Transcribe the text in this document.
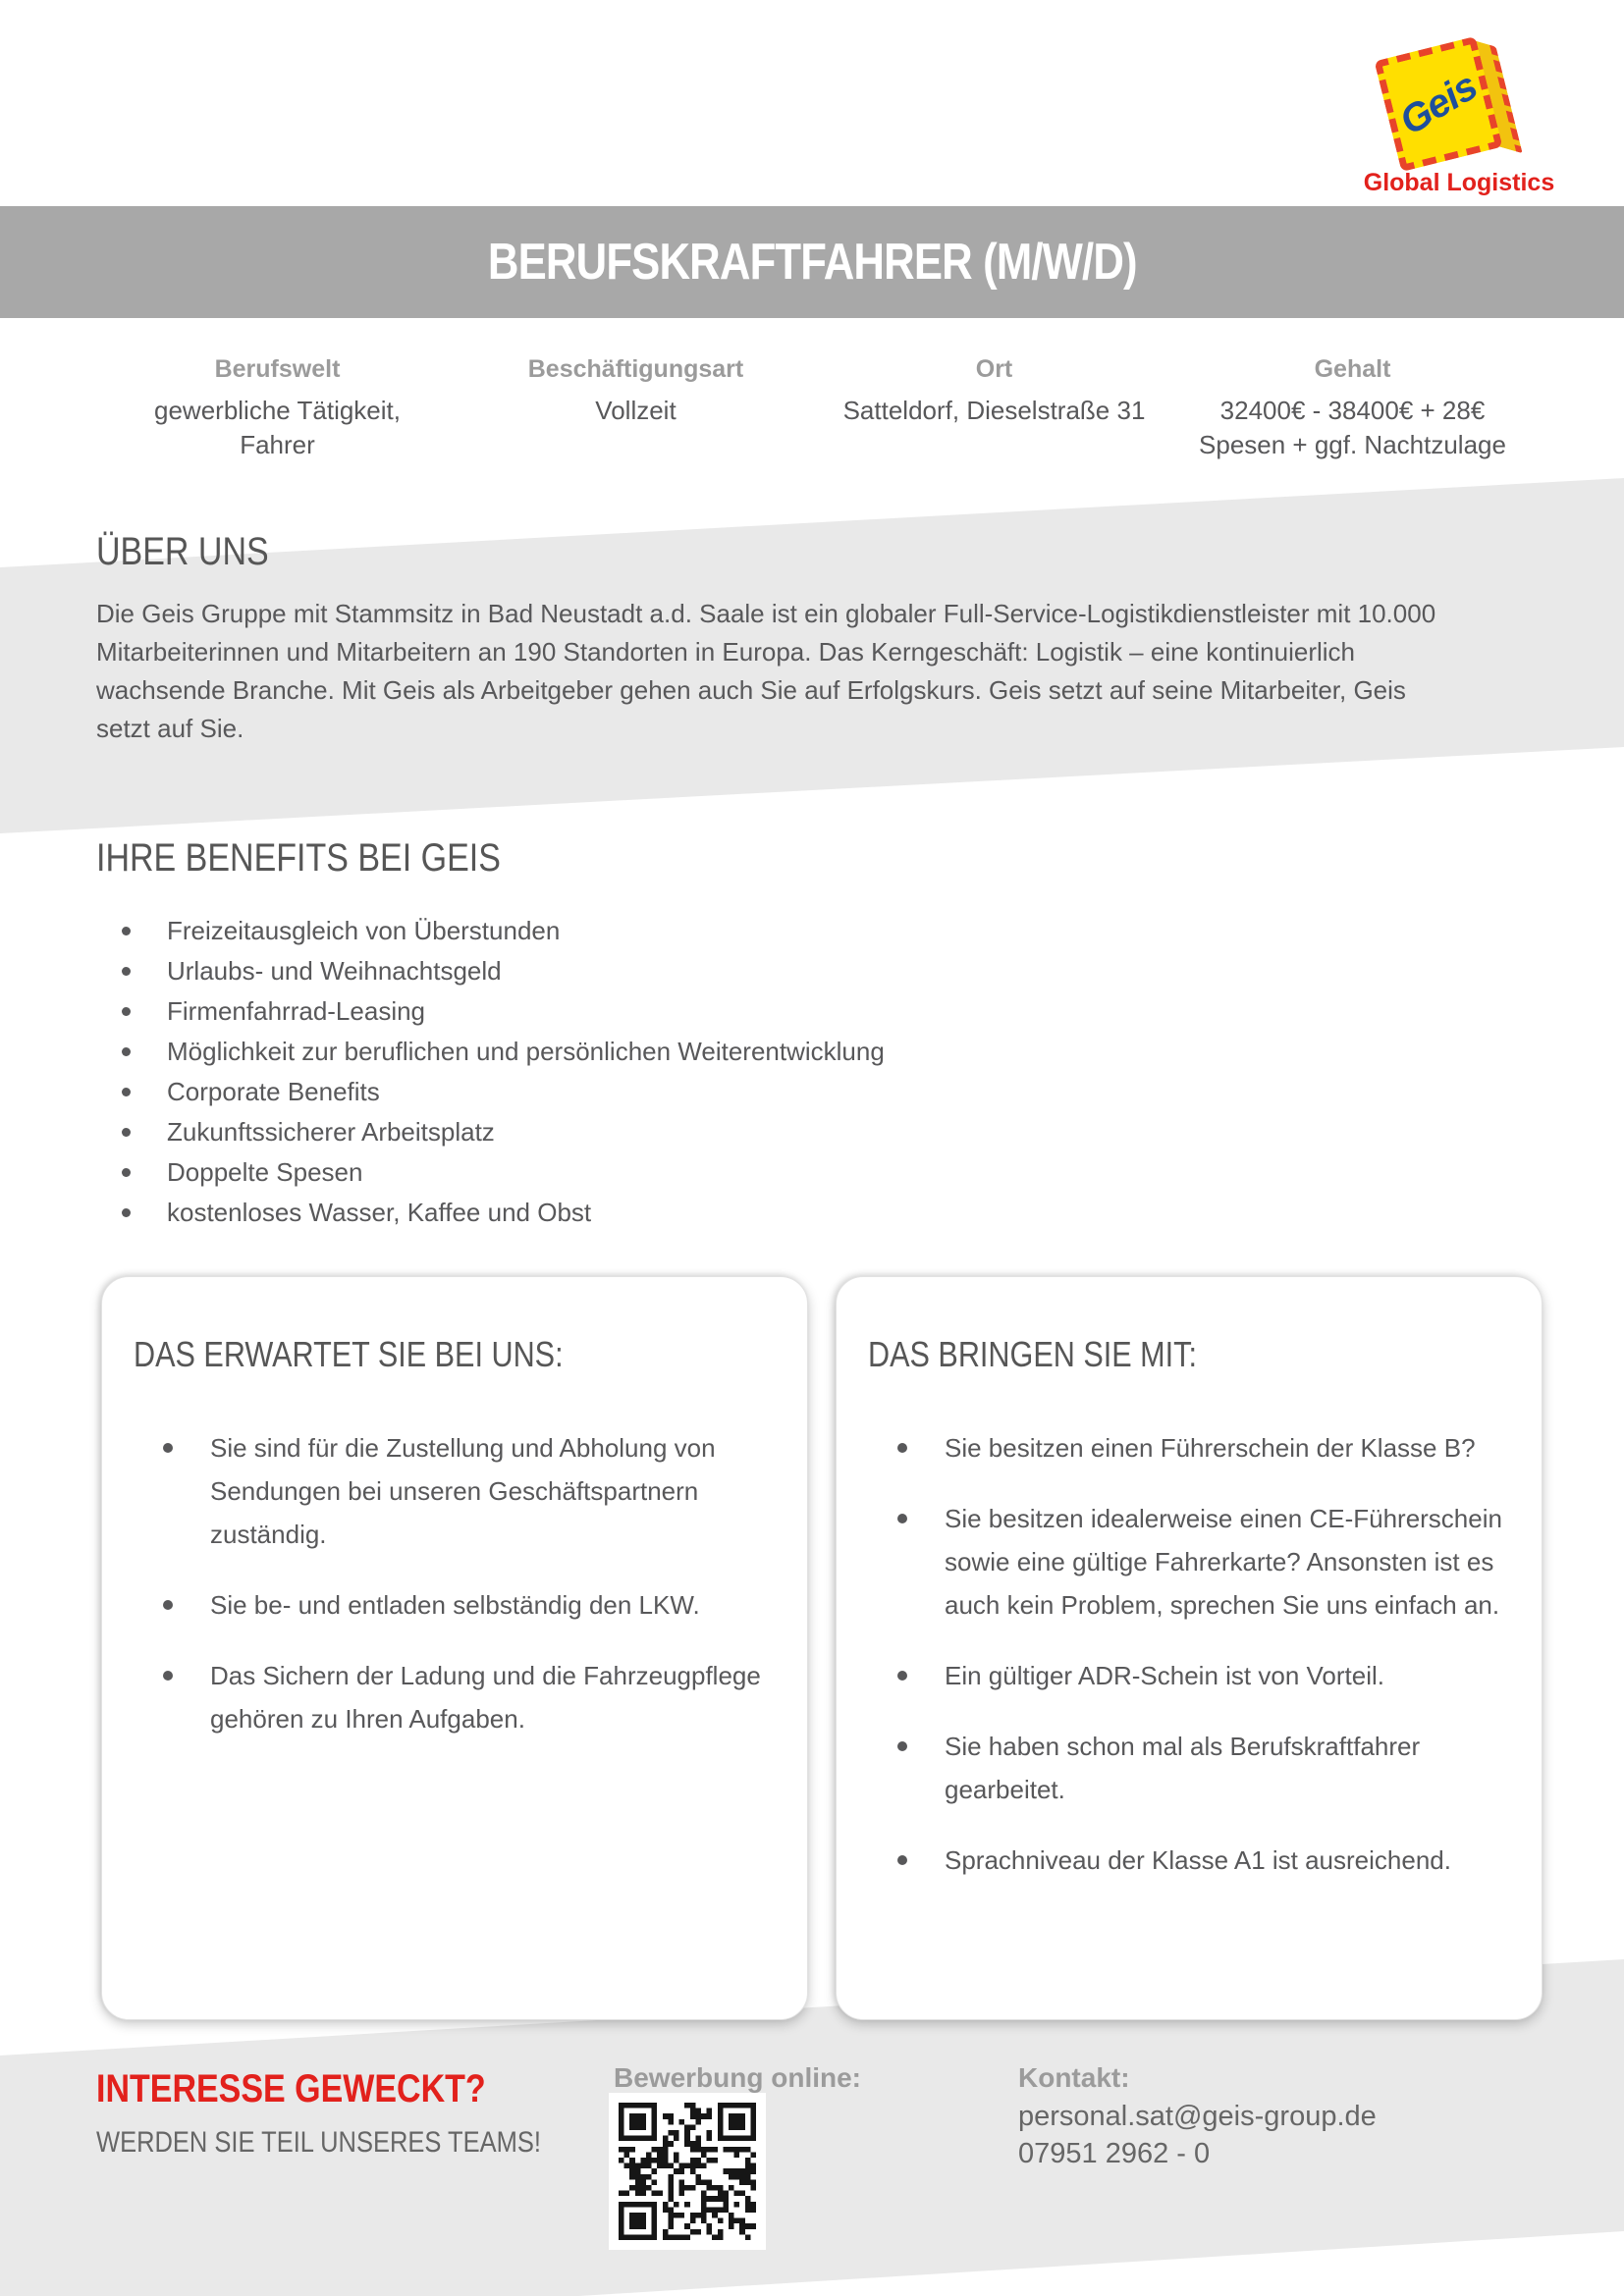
Geis
Global Logistics
BERUFSKRAFTFAHRER (M/W/D)
Berufswelt
gewerbliche Tätigkeit,
Fahrer
Beschäftigungsart
Vollzeit
Ort
Satteldorf, Dieselstraße 31
Gehalt
32400€ - 38400€ + 28€
Spesen + ggf. Nachtzulage
ÜBER UNS
Die Geis Gruppe mit Stammsitz in Bad Neustadt a.d. Saale ist ein globaler Full-Service-Logistikdienstleister mit 10.000 Mitarbeiterinnen und Mitarbeitern an 190 Standorten in Europa. Das Kerngeschäft: Logistik – eine kontinuierlich wachsende Branche. Mit Geis als Arbeitgeber gehen auch Sie auf Erfolgskurs. Geis setzt auf seine Mitarbeiter, Geis setzt auf Sie.
IHRE BENEFITS BEI GEIS
Freizeitausgleich von Überstunden
Urlaubs- und Weihnachtsgeld
Firmenfahrrad-Leasing
Möglichkeit zur beruflichen und persönlichen Weiterentwicklung
Corporate Benefits
Zukunftssicherer Arbeitsplatz
Doppelte Spesen
kostenloses Wasser, Kaffee und Obst
DAS ERWARTET SIE BEI UNS:
Sie sind für die Zustellung und Abholung von Sendungen bei unseren Geschäftspartnern zuständig.
Sie be- und entladen selbständig den LKW.
Das Sichern der Ladung und die Fahrzeugpflege gehören zu Ihren Aufgaben.
DAS BRINGEN SIE MIT:
Sie besitzen einen Führerschein der Klasse B?
Sie besitzen idealerweise einen CE-Führerschein sowie eine gültige Fahrerkarte? Ansonsten ist es auch kein Problem, sprechen Sie uns einfach an.
Ein gültiger ADR-Schein ist von Vorteil.
Sie haben schon mal als Berufskraftfahrer gearbeitet.
Sprachniveau der Klasse A1 ist ausreichend.
INTERESSE GEWECKT?
WERDEN SIE TEIL UNSERES TEAMS!
Bewerbung online:	Kontakt:
personal.sat@geis-group.de
07951 2962 - 0
